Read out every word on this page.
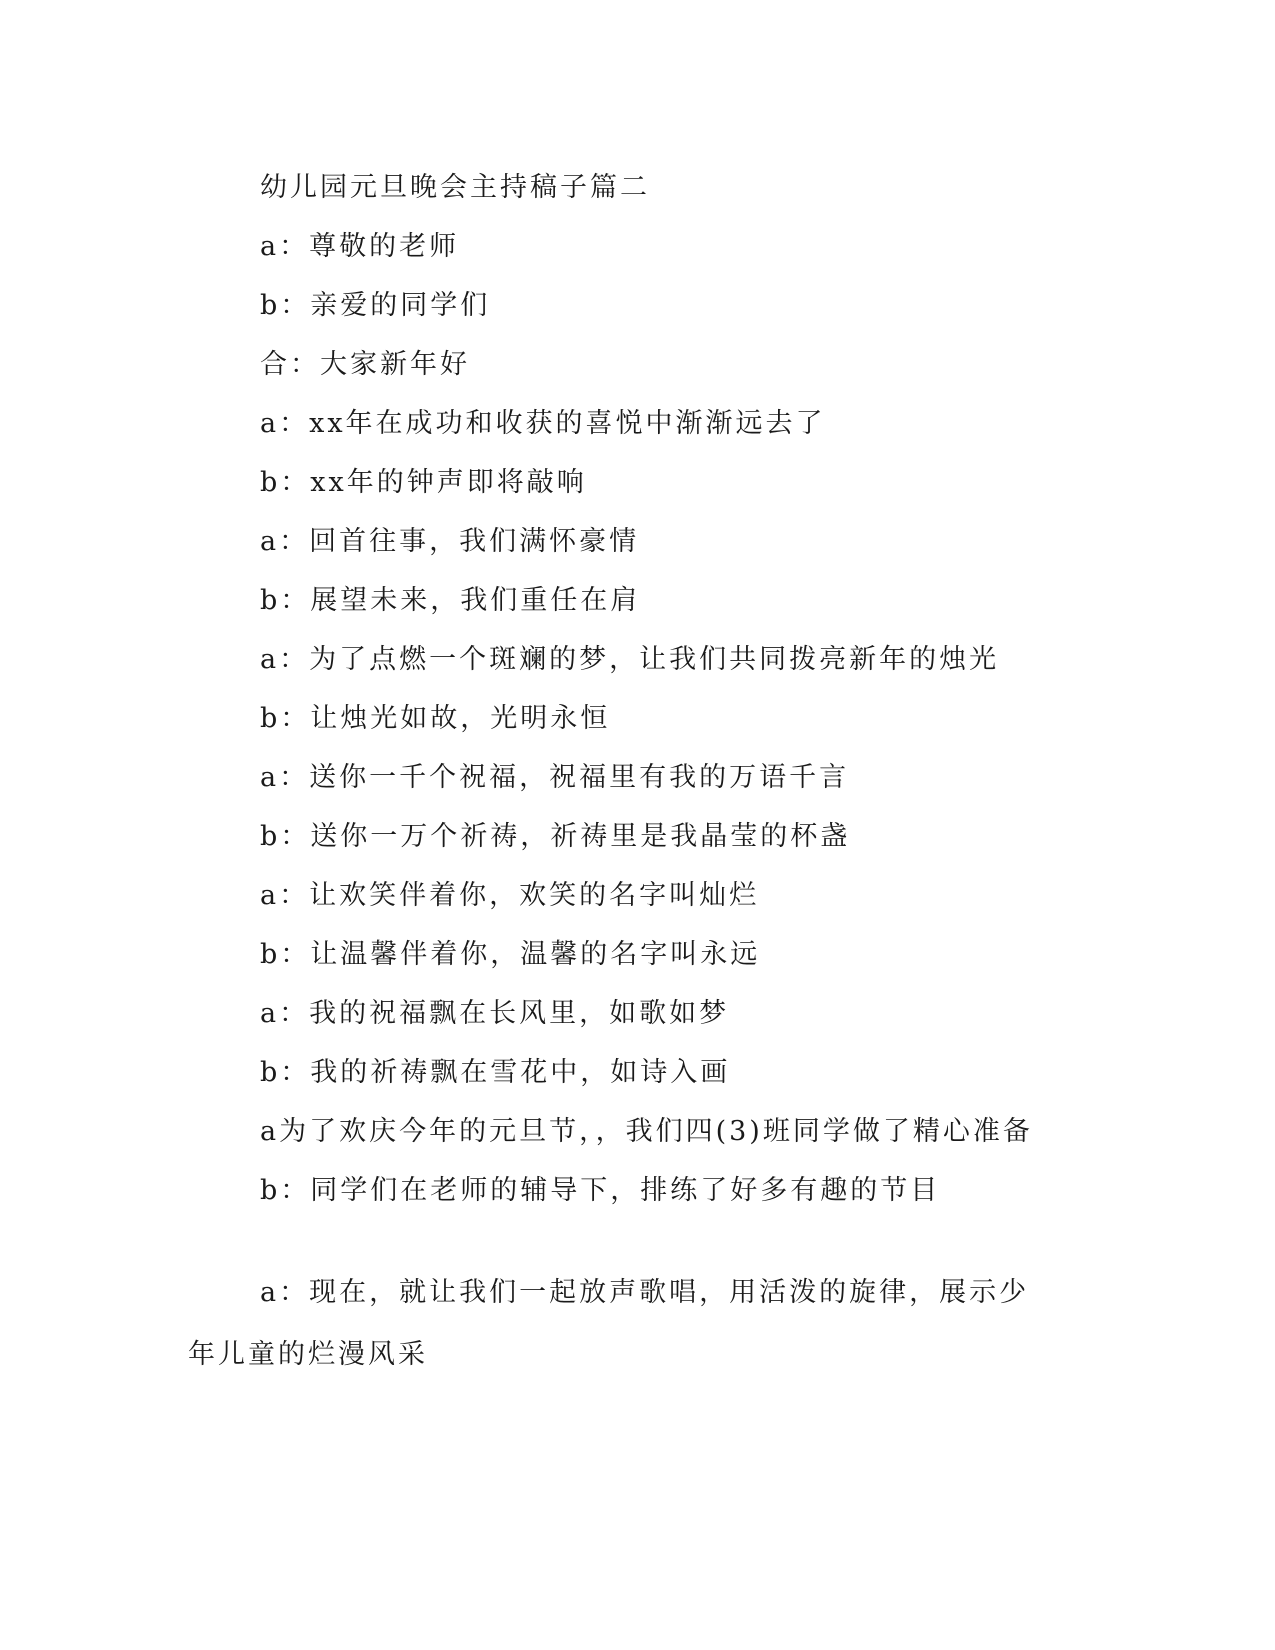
幼儿园元旦晚会主持稿子篇二
a：尊敬的老师
b：亲爱的同学们
合：大家新年好
a：xx年在成功和收获的喜悦中渐渐远去了
b：xx年的钟声即将敲响
a：回首往事，我们满怀豪情
b：展望未来，我们重任在肩
a：为了点燃一个斑斓的梦，让我们共同拨亮新年的烛光
b：让烛光如故，光明永恒
a：送你一千个祝福，祝福里有我的万语千言
b：送你一万个祈祷，祈祷里是我晶莹的杯盏
a：让欢笑伴着你，欢笑的名字叫灿烂
b：让温馨伴着你，温馨的名字叫永远
a：我的祝福飘在长风里，如歌如梦
b：我的祈祷飘在雪花中，如诗入画
a为了欢庆今年的元旦节，，我们四(3)班同学做了精心准备
b：同学们在老师的辅导下，排练了好多有趣的节目

a：现在，就让我们一起放声歌唱，用活泼的旋律，展示少年儿童的烂漫风采
